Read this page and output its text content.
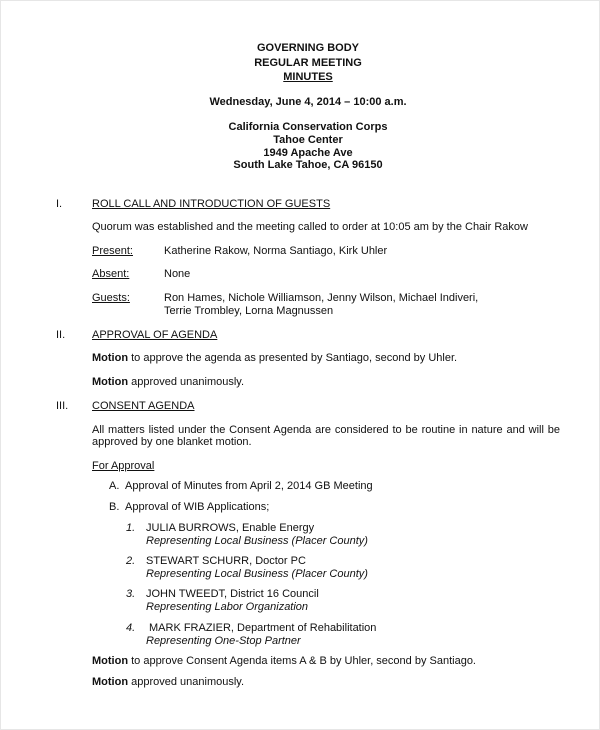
GOVERNING BODY
REGULAR MEETING
MINUTES
Wednesday, June 4, 2014 – 10:00 a.m.
California Conservation Corps
Tahoe Center
1949 Apache Ave
South Lake Tahoe, CA 96150
I.	ROLL CALL AND INTRODUCTION OF GUESTS
Quorum was established and the meeting called to order at 10:05 am by the Chair Rakow
Present:	Katherine Rakow, Norma Santiago, Kirk Uhler
Absent:	None
Guests:	Ron Hames, Nichole Williamson, Jenny Wilson, Michael Indiveri,
Terrie Trombley, Lorna Magnussen
II. APPROVAL OF AGENDA
Motion to approve the agenda as presented by Santiago, second by Uhler.
Motion approved unanimously.
III. CONSENT AGENDA
All matters listed under the Consent Agenda are considered to be routine in nature and will be
approved by one blanket motion.
For Approval
A. Approval of Minutes from April 2, 2014 GB Meeting
B. Approval of WIB Applications;
1. JULIA BURROWS, Enable Energy
Representing Local Business (Placer County)
2. STEWART SCHURR, Doctor PC
Representing Local Business (Placer County)
3. JOHN TWEEDT, District 16 Council
Representing Labor Organization
4. MARK FRAZIER, Department of Rehabilitation
Representing One-Stop Partner
Motion to approve Consent Agenda items A & B by Uhler, second by Santiago.
Motion approved unanimously.
